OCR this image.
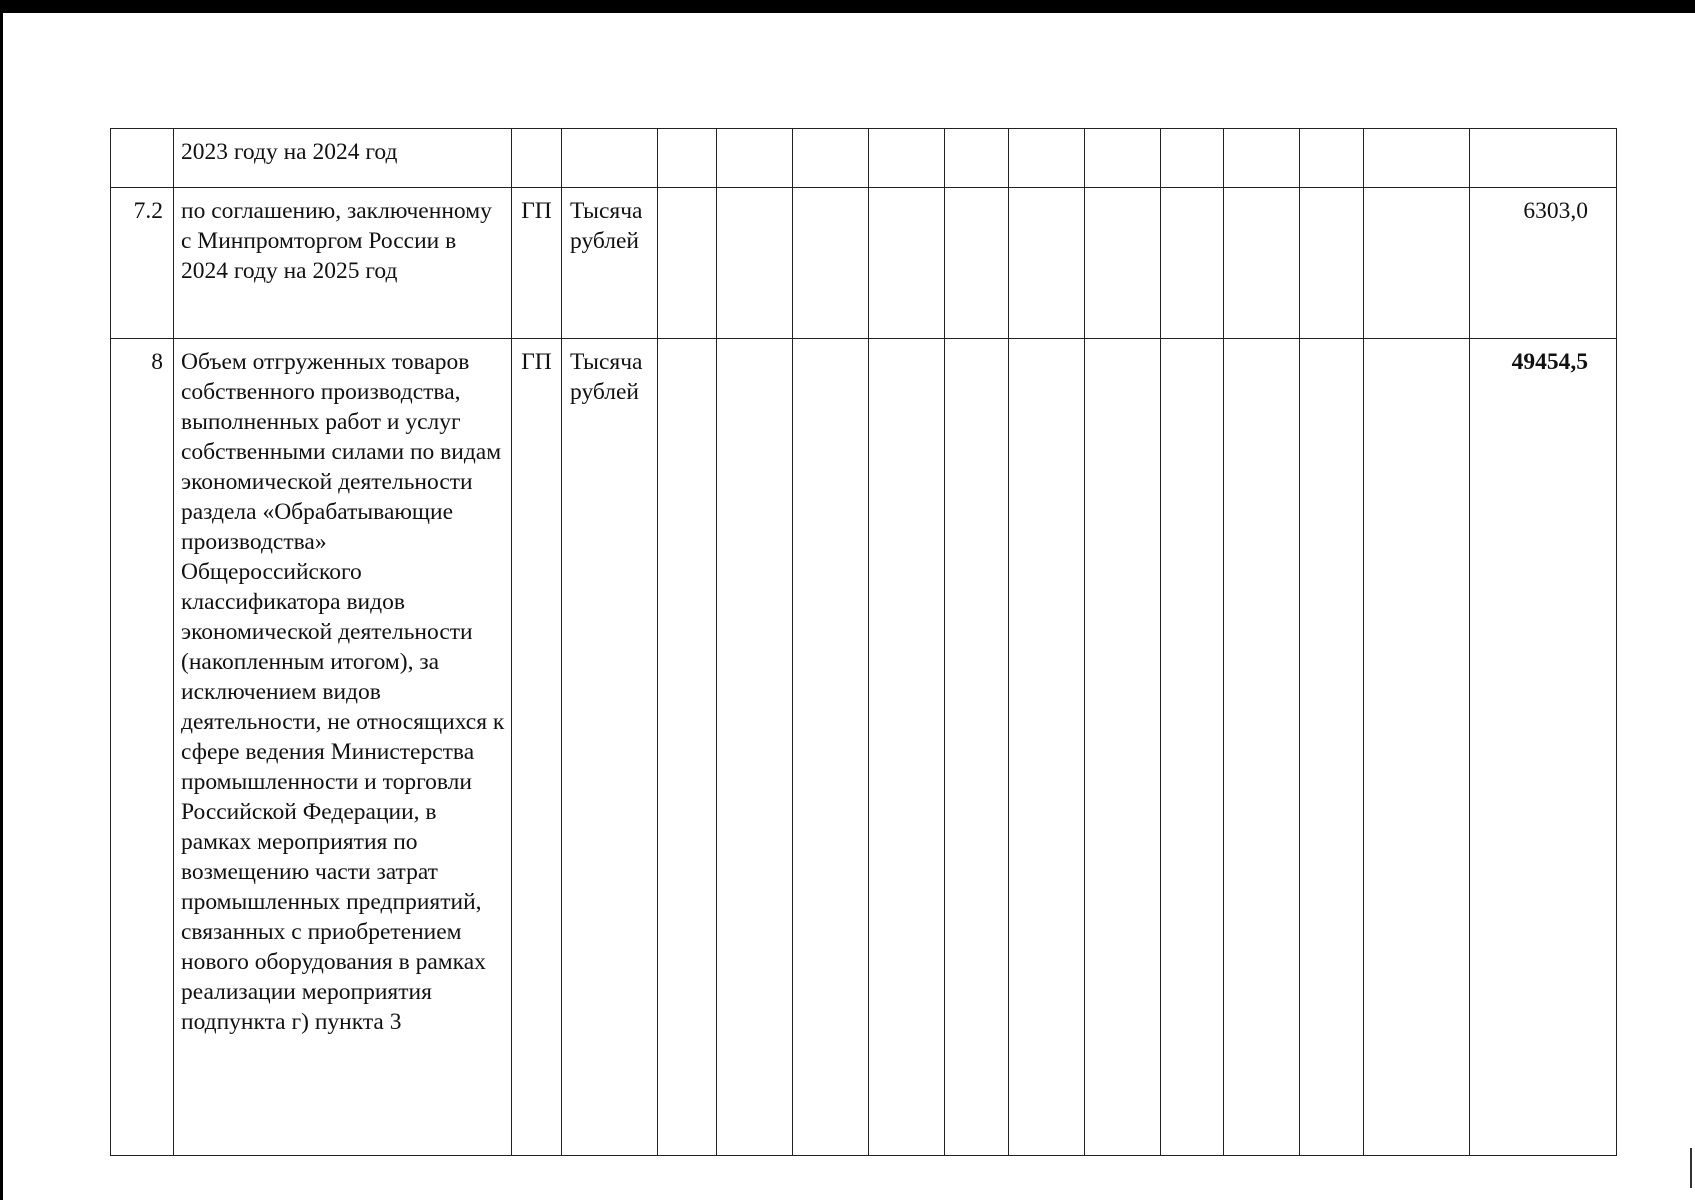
	2023 году на 2024 год														
7.2	по соглашению, заключенному с Минпромторгом России в 2024 году на 2025 год	ГП	Тысяча рублей												6303,0
8	Объем отгруженных товаров собственного производства, выполненных работ и услуг собственными силами по видам экономической деятельности раздела «Обрабатывающие производства» Общероссийского классификатора видов экономической деятельности (накопленным итогом), за исключением видов деятельности, не относящихся к сфере ведения Министерства промышленности и торговли Российской Федерации, в рамках мероприятия по возмещению части затрат промышленных предприятий, связанных с приобретением нового оборудования в рамках реализации мероприятия подпункта г) пункта 3	ГП	Тысяча рублей												49454,5
